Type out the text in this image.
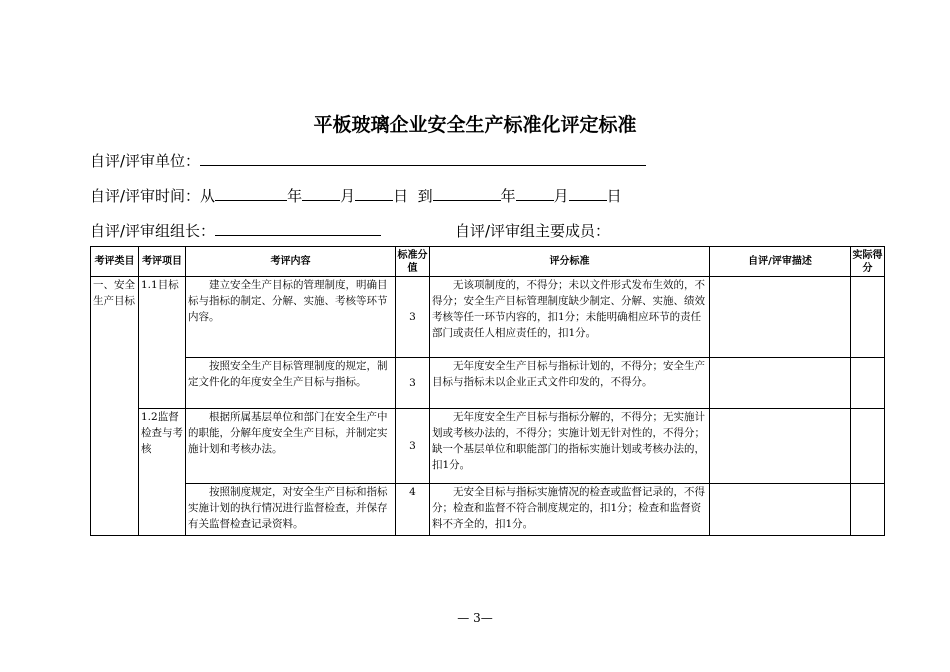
平板玻璃企业安全生产标准化评定标准
自评/评审单位：
自评/评审时间：从	年	月	日  到	年	月	日
自评/评审组组长：	自评/评审组主要成员：
考评类目	考评项目	考评内容	标准分值	评分标准	自评/评审描述	实际得分
一、安全生产目标	1.1目标	建立安全生产目标的管理制度，明确目标与指标的制定、分解、实施、考核等环节内容。	3	无该项制度的，不得分；未以文件形式发布生效的，不得分；安全生产目标管理制度缺少制定、分解、实施、绩效考核等任一环节内容的，扣1分；未能明确相应环节的责任部门或责任人相应责任的，扣1分。		
		按照安全生产目标管理制度的规定，制定文件化的年度安全生产目标与指标。	3	无年度安全生产目标与指标计划的，不得分；安全生产目标与指标未以企业正式文件印发的，不得分。		
	1.2监督检查与考核	根据所属基层单位和部门在安全生产中的职能，分解年度安全生产目标，并制定实施计划和考核办法。	3	无年度安全生产目标与指标分解的，不得分；无实施计划或考核办法的，不得分；实施计划无针对性的，不得分；缺一个基层单位和职能部门的指标实施计划或考核办法的，扣1分。		
		按照制度规定，对安全生产目标和指标实施计划的执行情况进行监督检查，并保存有关监督检查记录资料。	4	无安全目标与指标实施情况的检查或监督记录的，不得分；检查和监督不符合制度规定的，扣1分；检查和监督资料不齐全的，扣1分。		
— 3—
